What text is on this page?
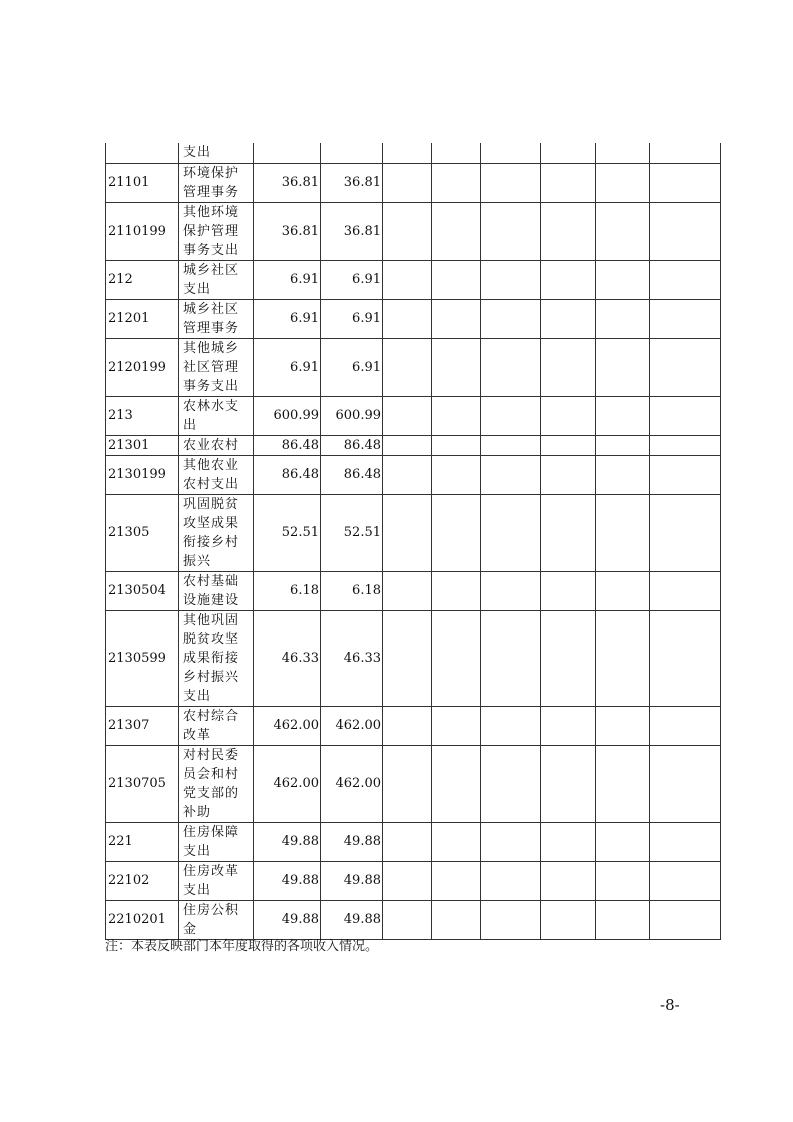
	支出								
21101	环境保护管理事务	36.81	36.81						
2110199	其他环境保护管理事务支出	36.81	36.81						
212	城乡社区支出	6.91	6.91						
21201	城乡社区管理事务	6.91	6.91						
2120199	其他城乡社区管理事务支出	6.91	6.91						
213	农林水支出	600.99	600.99						
21301	农业农村	86.48	86.48						
2130199	其他农业农村支出	86.48	86.48						
21305	巩固脱贫攻坚成果衔接乡村振兴	52.51	52.51						
2130504	农村基础设施建设	6.18	6.18						
2130599	其他巩固脱贫攻坚成果衔接乡村振兴支出	46.33	46.33						
21307	农村综合改革	462.00	462.00						
2130705	对村民委员会和村党支部的补助	462.00	462.00						
221	住房保障支出	49.88	49.88						
22102	住房改革支出	49.88	49.88						
2210201	住房公积金	49.88	49.88						
注：本表反映部门本年度取得的各项收入情况。
-8-
